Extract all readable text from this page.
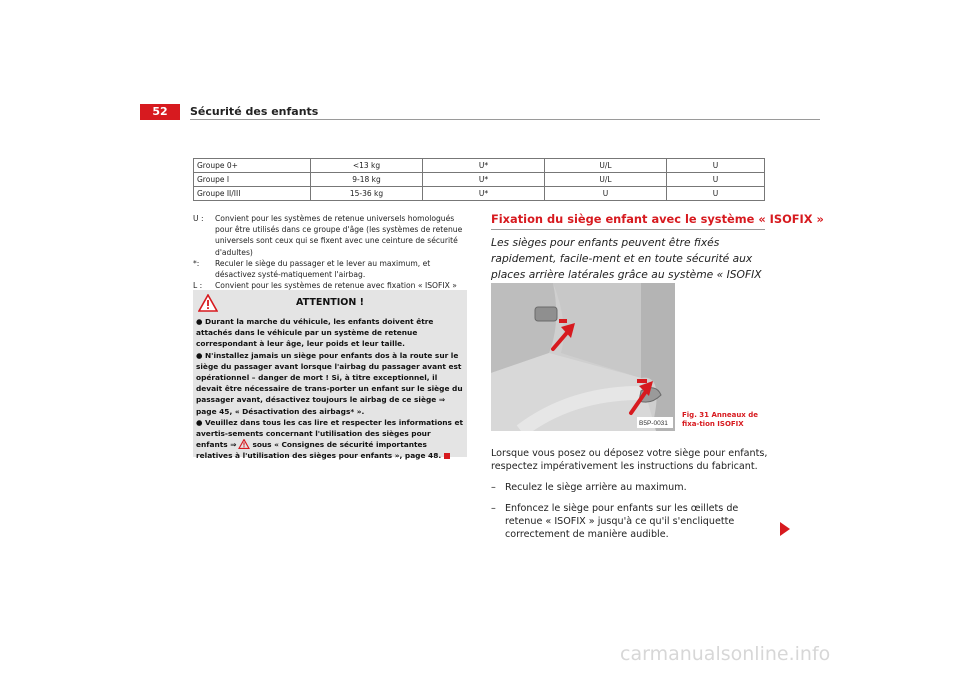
52	Sécurité des enfants
Groupe 0+	<13 kg	U*	U/L	U
Groupe I	9-18 kg	U*	U/L	U
Groupe II/III	15-36 kg	U*	U	U
U :	Convient pour les systèmes de retenue universels homologués pour être utilisés dans ce groupe d'âge (les systèmes de retenue universels sont ceux qui se fixent avec une ceinture de sécurité d'adultes)
*:	Reculer le siège du passager et le lever au maximum, et désactivez systé-matiquement l'airbag.
L :	Convient pour les systèmes de retenue avec fixation « ISOFIX »
ATTENTION !

● Durant la marche du véhicule, les enfants doivent être attachés dans le véhicule par un système de retenue correspondant à leur âge, leur poids et leur taille.

● N'installez jamais un siège pour enfants dos à la route sur le siège du passager avant lorsque l'airbag du passager avant est opérationnel – danger de mort ! Si, à titre exceptionnel, il devait être nécessaire de trans-porter un enfant sur le siège du passager avant, désactivez toujours le airbag de ce siège ⇒ page 45, « Désactivation des airbags* ».

● Veuillez dans tous les cas lire et respecter les informations et avertis-sements concernant l'utilisation des sièges pour enfants ⇒ sous « Consignes de sécurité importantes relatives à l'utilisation des sièges pour enfants », page 48.

Fixation du siège enfant avec le système « ISOFIX »
Les sièges pour enfants peuvent être fixés rapidement, facile-ment et en toute sécurité aux places arrière latérales grâce au système « ISOFIX
B5P-0031
Fig. 31 Anneaux de fixa-tion ISOFIX

Lorsque vous posez ou déposez votre siège pour enfants, respectez impérativement les instructions du fabricant.

– Reculez le siège arrière au maximum.

– Enfoncez le siège pour enfants sur les œillets de retenue « ISOFIX » jusqu'à ce qu'il s'encliquette correctement de manière audible.

carmanualsonline.info
